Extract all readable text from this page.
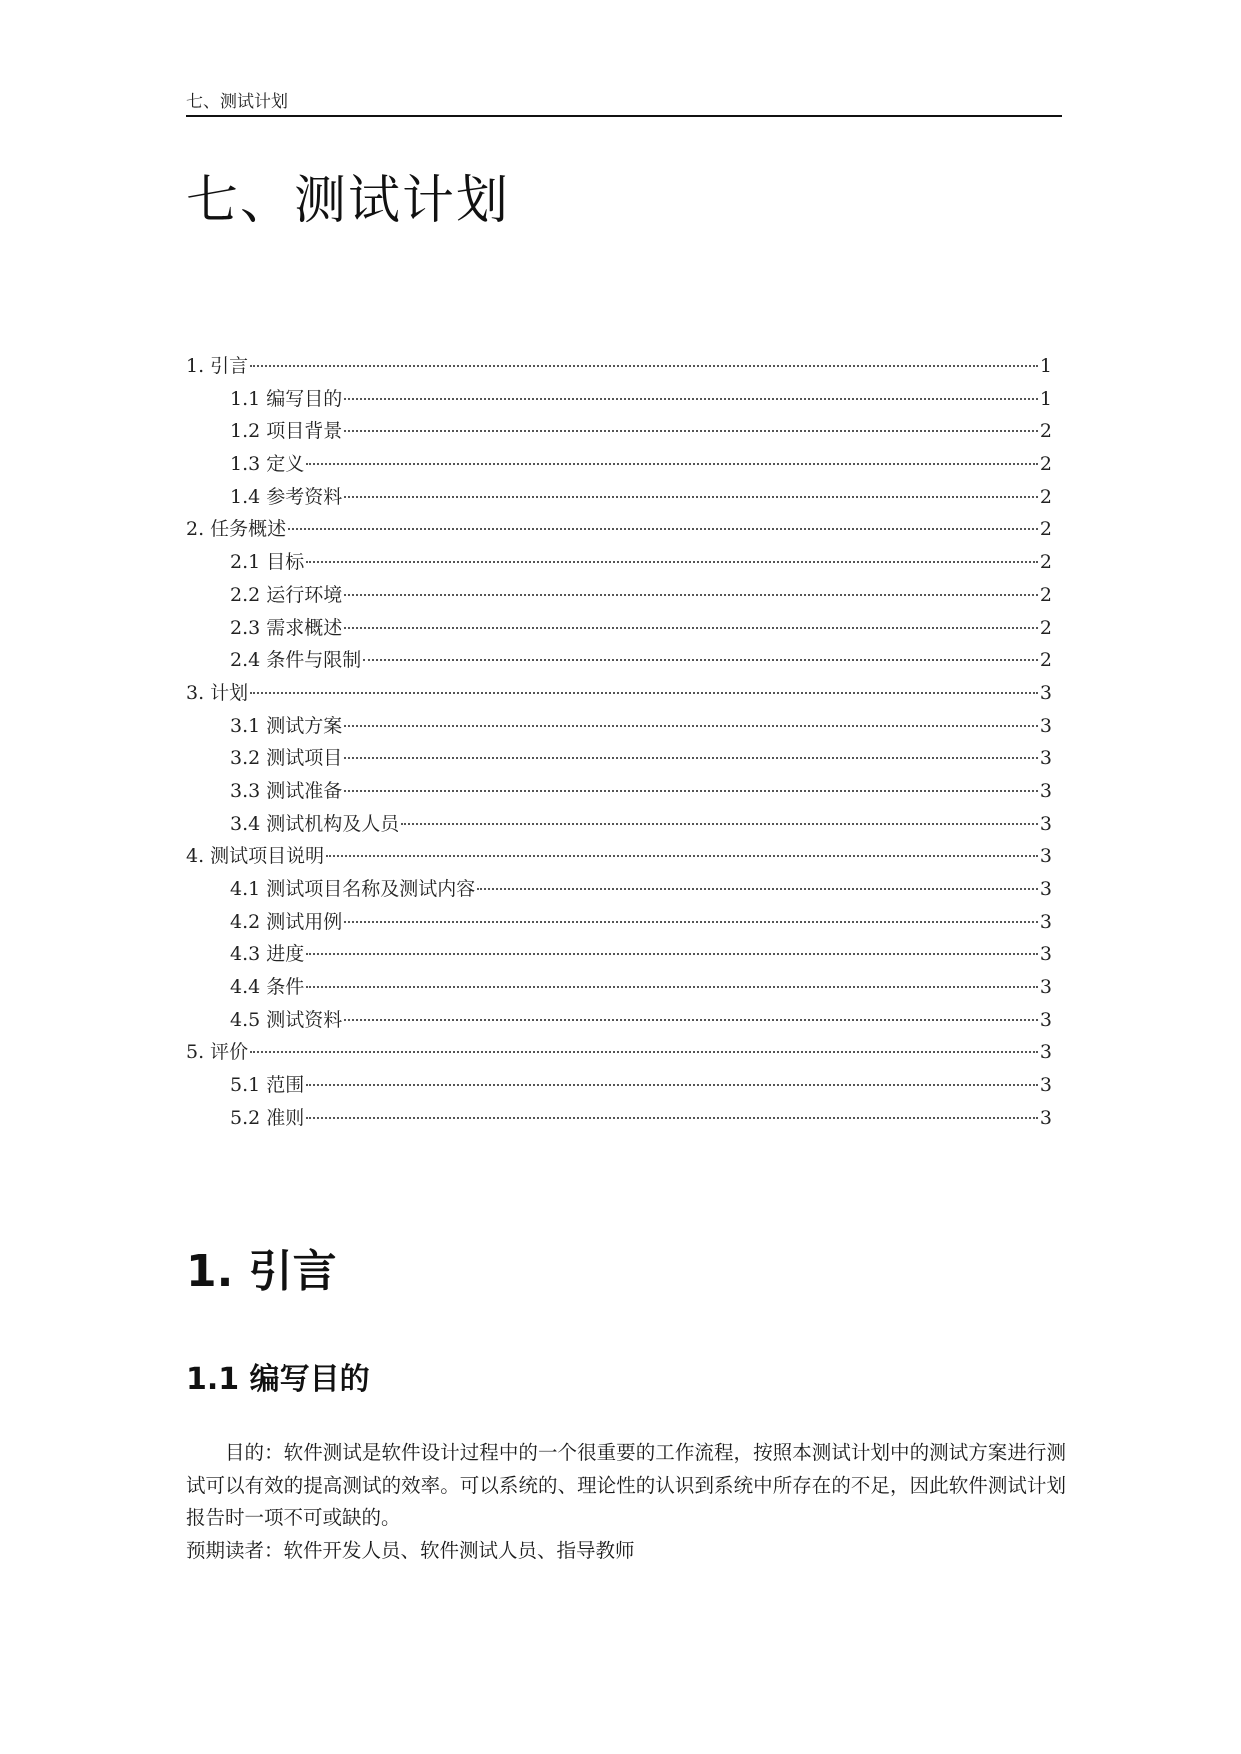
七、测试计划
七、测试计划
1. 引言	1
1.1 编写目的	1
1.2 项目背景	2
1.3 定义	2
1.4 参考资料	2
2. 任务概述	2
2.1 目标	2
2.2 运行环境	2
2.3 需求概述	2
2.4 条件与限制	2
3. 计划	3
3.1 测试方案	3
3.2 测试项目	3
3.3 测试准备	3
3.4 测试机构及人员	3
4. 测试项目说明	3
4.1 测试项目名称及测试内容	3
4.2 测试用例	3
4.3 进度	3
4.4 条件	3
4.5 测试资料	3
5. 评价	3
5.1 范围	3
5.2 准则	3
1. 引言
1.1 编写目的

目的：软件测试是软件设计过程中的一个很重要的工作流程，按照本测试计划中的测试方案进行测试可以有效的提高测试的效率。可以系统的、理论性的认识到系统中所存在的不足，因此软件测试计划报告时一项不可或缺的。

预期读者：软件开发人员、软件测试人员、指导教师
